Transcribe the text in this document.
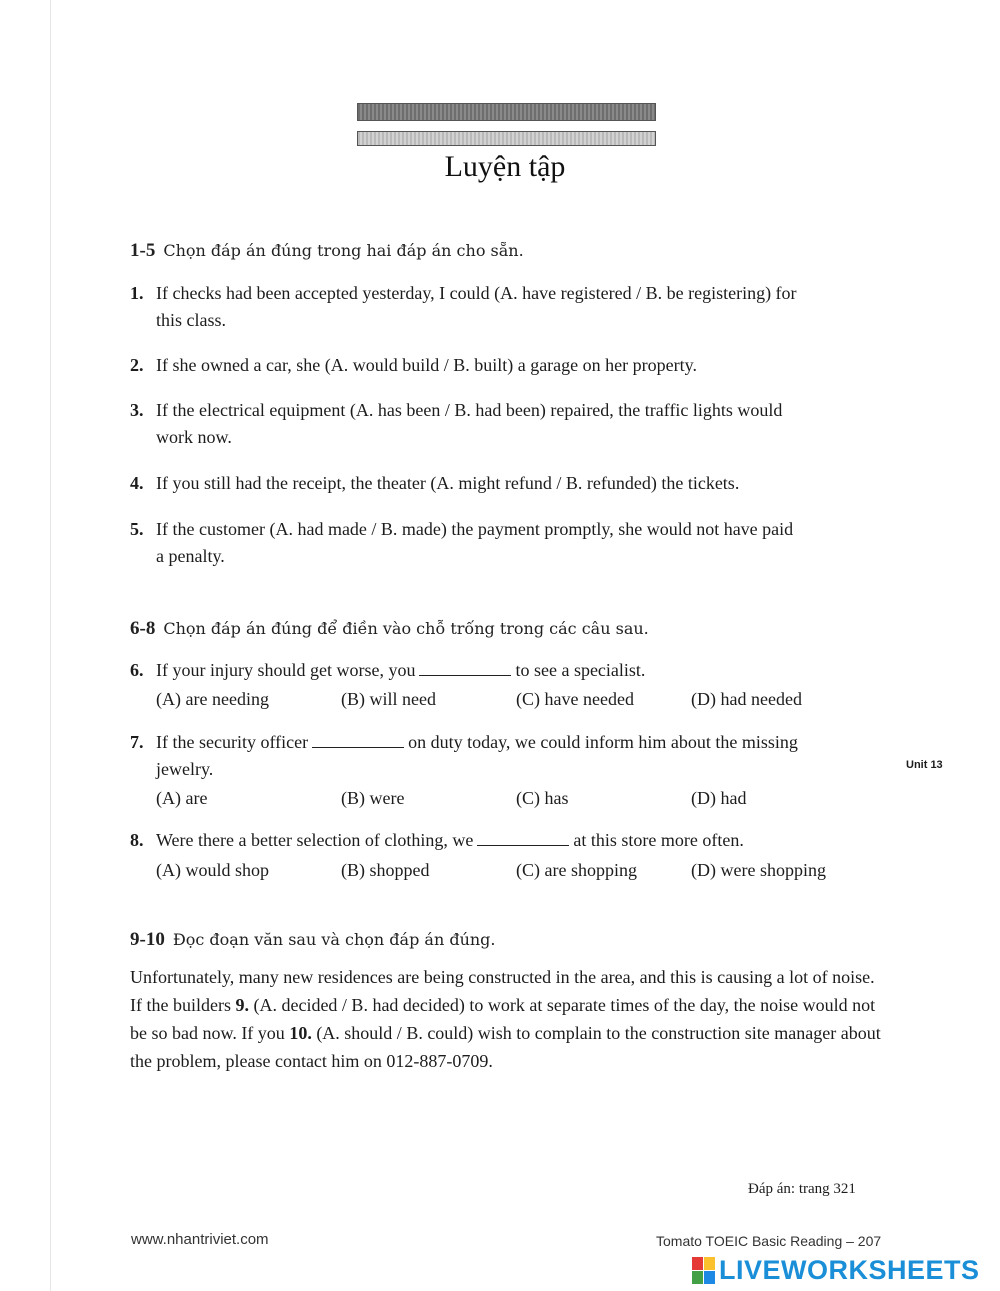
Luyện tập
1-5 Chọn đáp án đúng trong hai đáp án cho sẵn.
1. If checks had been accepted yesterday, I could (A. have registered / B. be registering) for
this class.
2. If she owned a car, she (A. would build / B. built) a garage on her property.
3. If the electrical equipment (A. has been / B. had been) repaired, the traffic lights would
work now.
4. If you still had the receipt, the theater (A. might refund / B. refunded) the tickets.
5. If the customer (A. had made / B. made) the payment promptly, she would not have paid
a penalty.
6-8 Chọn đáp án đúng để điền vào chỗ trống trong các câu sau.
6. If your injury should get worse, you	to see a specialist.
(A) are needing	(B) will need	(C) have needed	(D) had needed
7. If the security officer	on duty today, we could inform him about the missing
jewelry.
(A) are	(B) were	(C) has	(D) had
8. Were there a better selection of clothing, we	at this store more often.
(A) would shop	(B) shopped	(C) are shopping	(D) were shopping
Unit 13
9-10 Đọc đoạn văn sau và chọn đáp án đúng.
Unfortunately, many new residences are being constructed in the area, and this is causing a lot of noise. If the builders 9. (A. decided / B. had decided) to work at separate times of the day, the noise would not be so bad now. If you 10. (A. should / B. could) wish to complain to the construction site manager about the problem, please contact him on 012-887-0709.
Đáp án: trang 321
www.nhantriviet.com	Tomato TOEIC Basic Reading – 207
LIVEWORKSHEETS
